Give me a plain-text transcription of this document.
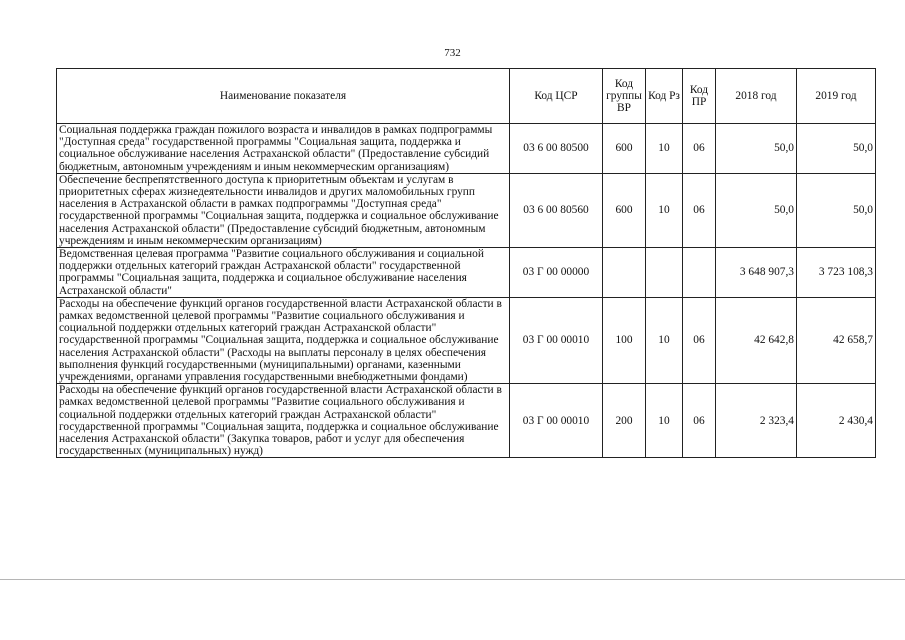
732
Наименование показателя	Код ЦСР	Код группы ВР	Код Рз	Код ПР	2018 год	2019 год
Социальная поддержка граждан пожилого возраста и инвалидов в рамках подпрограммы "Доступная среда" государственной программы "Социальная защита, поддержка и социальное обслуживание населения Астраханской области" (Предоставление субсидий бюджетным, автономным учреждениям и иным некоммерческим организациям)	03 6 00 80500	600	10	06	50,0	50,0
Обеспечение беспрепятственного доступа к приоритетным объектам и услугам в приоритетных сферах жизнедеятельности инвалидов и других маломобильных групп населения в Астраханской области в рамках подпрограммы "Доступная среда" государственной программы "Социальная защита, поддержка и социальное обслуживание населения Астраханской области" (Предоставление субсидий бюджетным, автономным учреждениям и иным некоммерческим организациям)	03 6 00 80560	600	10	06	50,0	50,0
Ведомственная целевая программа "Развитие социального обслуживания и социальной поддержки отдельных категорий граждан Астраханской области" государственной программы "Социальная защита, поддержка и социальное обслуживание населения Астраханской области"	03 Г 00 00000				3 648 907,3	3 723 108,3
Расходы на обеспечение функций органов государственной власти Астраханской области в рамках ведомственной целевой программы "Развитие социального обслуживания и социальной поддержки отдельных категорий граждан Астраханской области" государственной программы "Социальная защита, поддержка и социальное обслуживание населения Астраханской области" (Расходы на выплаты персоналу в целях обеспечения выполнения функций государственными (муниципальными) органами, казенными учреждениями, органами управления государственными внебюджетными фондами)	03 Г 00 00010	100	10	06	42 642,8	42 658,7
Расходы на обеспечение функций органов государственной власти Астраханской области в рамках ведомственной целевой программы "Развитие социального обслуживания и социальной поддержки отдельных категорий граждан Астраханской области" государственной программы "Социальная защита, поддержка и социальное обслуживание населения Астраханской области" (Закупка товаров, работ и услуг для обеспечения государственных (муниципальных) нужд)	03 Г 00 00010	200	10	06	2 323,4	2 430,4
